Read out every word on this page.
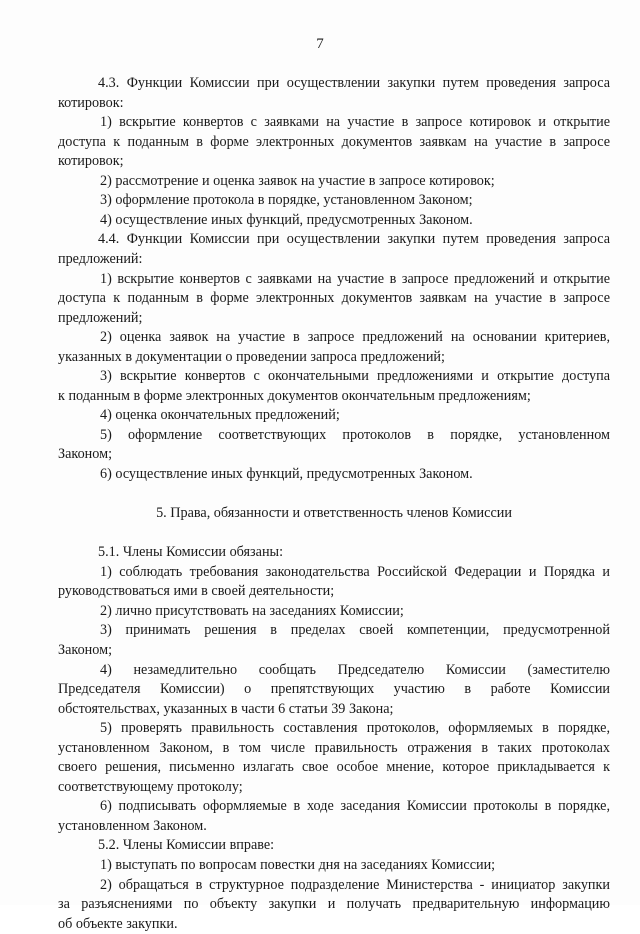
7
4.3. Функции Комиссии при осуществлении закупки путем проведения запроса
котировок:
1) вскрытие конвертов с заявками на участие в запросе котировок и открытие
доступа к поданным в форме электронных документов заявкам на участие в запросе
котировок;
2) рассмотрение и оценка заявок на участие в запросе котировок;
3) оформление протокола в порядке, установленном Законом;
4) осуществление иных функций, предусмотренных Законом.
4.4. Функции Комиссии при осуществлении закупки путем проведения запроса
предложений:
1) вскрытие конвертов с заявками на участие в запросе предложений и открытие
доступа к поданным в форме электронных документов заявкам на участие в запросе
предложений;
2) оценка заявок на участие в запросе предложений на основании критериев,
указанных в документации о проведении запроса предложений;
3) вскрытие конвертов с окончательными предложениями и открытие доступа
к поданным в форме электронных документов окончательным предложениям;
4) оценка окончательных предложений;
5) оформление соответствующих протоколов в порядке, установленном
Законом;
6) осуществление иных функций, предусмотренных Законом.
5. Права, обязанности и ответственность членов Комиссии
5.1. Члены Комиссии обязаны:
1) соблюдать требования законодательства Российской Федерации и Порядка и
руководствоваться ими в своей деятельности;
2) лично присутствовать на заседаниях Комиссии;
3) принимать решения в пределах своей компетенции, предусмотренной
Законом;
4) незамедлительно сообщать Председателю Комиссии (заместителю
Председателя Комиссии) о препятствующих участию в работе Комиссии
обстоятельствах, указанных в части 6 статьи 39 Закона;
5) проверять правильность составления протоколов, оформляемых в порядке,
установленном Законом, в том числе правильность отражения в таких протоколах
своего решения, письменно излагать свое особое мнение, которое прикладывается к
соответствующему протоколу;
6) подписывать оформляемые в ходе заседания Комиссии протоколы в порядке,
установленном Законом.
5.2. Члены Комиссии вправе:
1) выступать по вопросам повестки дня на заседаниях Комиссии;
2) обращаться в структурное подразделение Министерства - инициатор закупки
за разъяснениями по объекту закупки и получать предварительную информацию
об объекте закупки.
